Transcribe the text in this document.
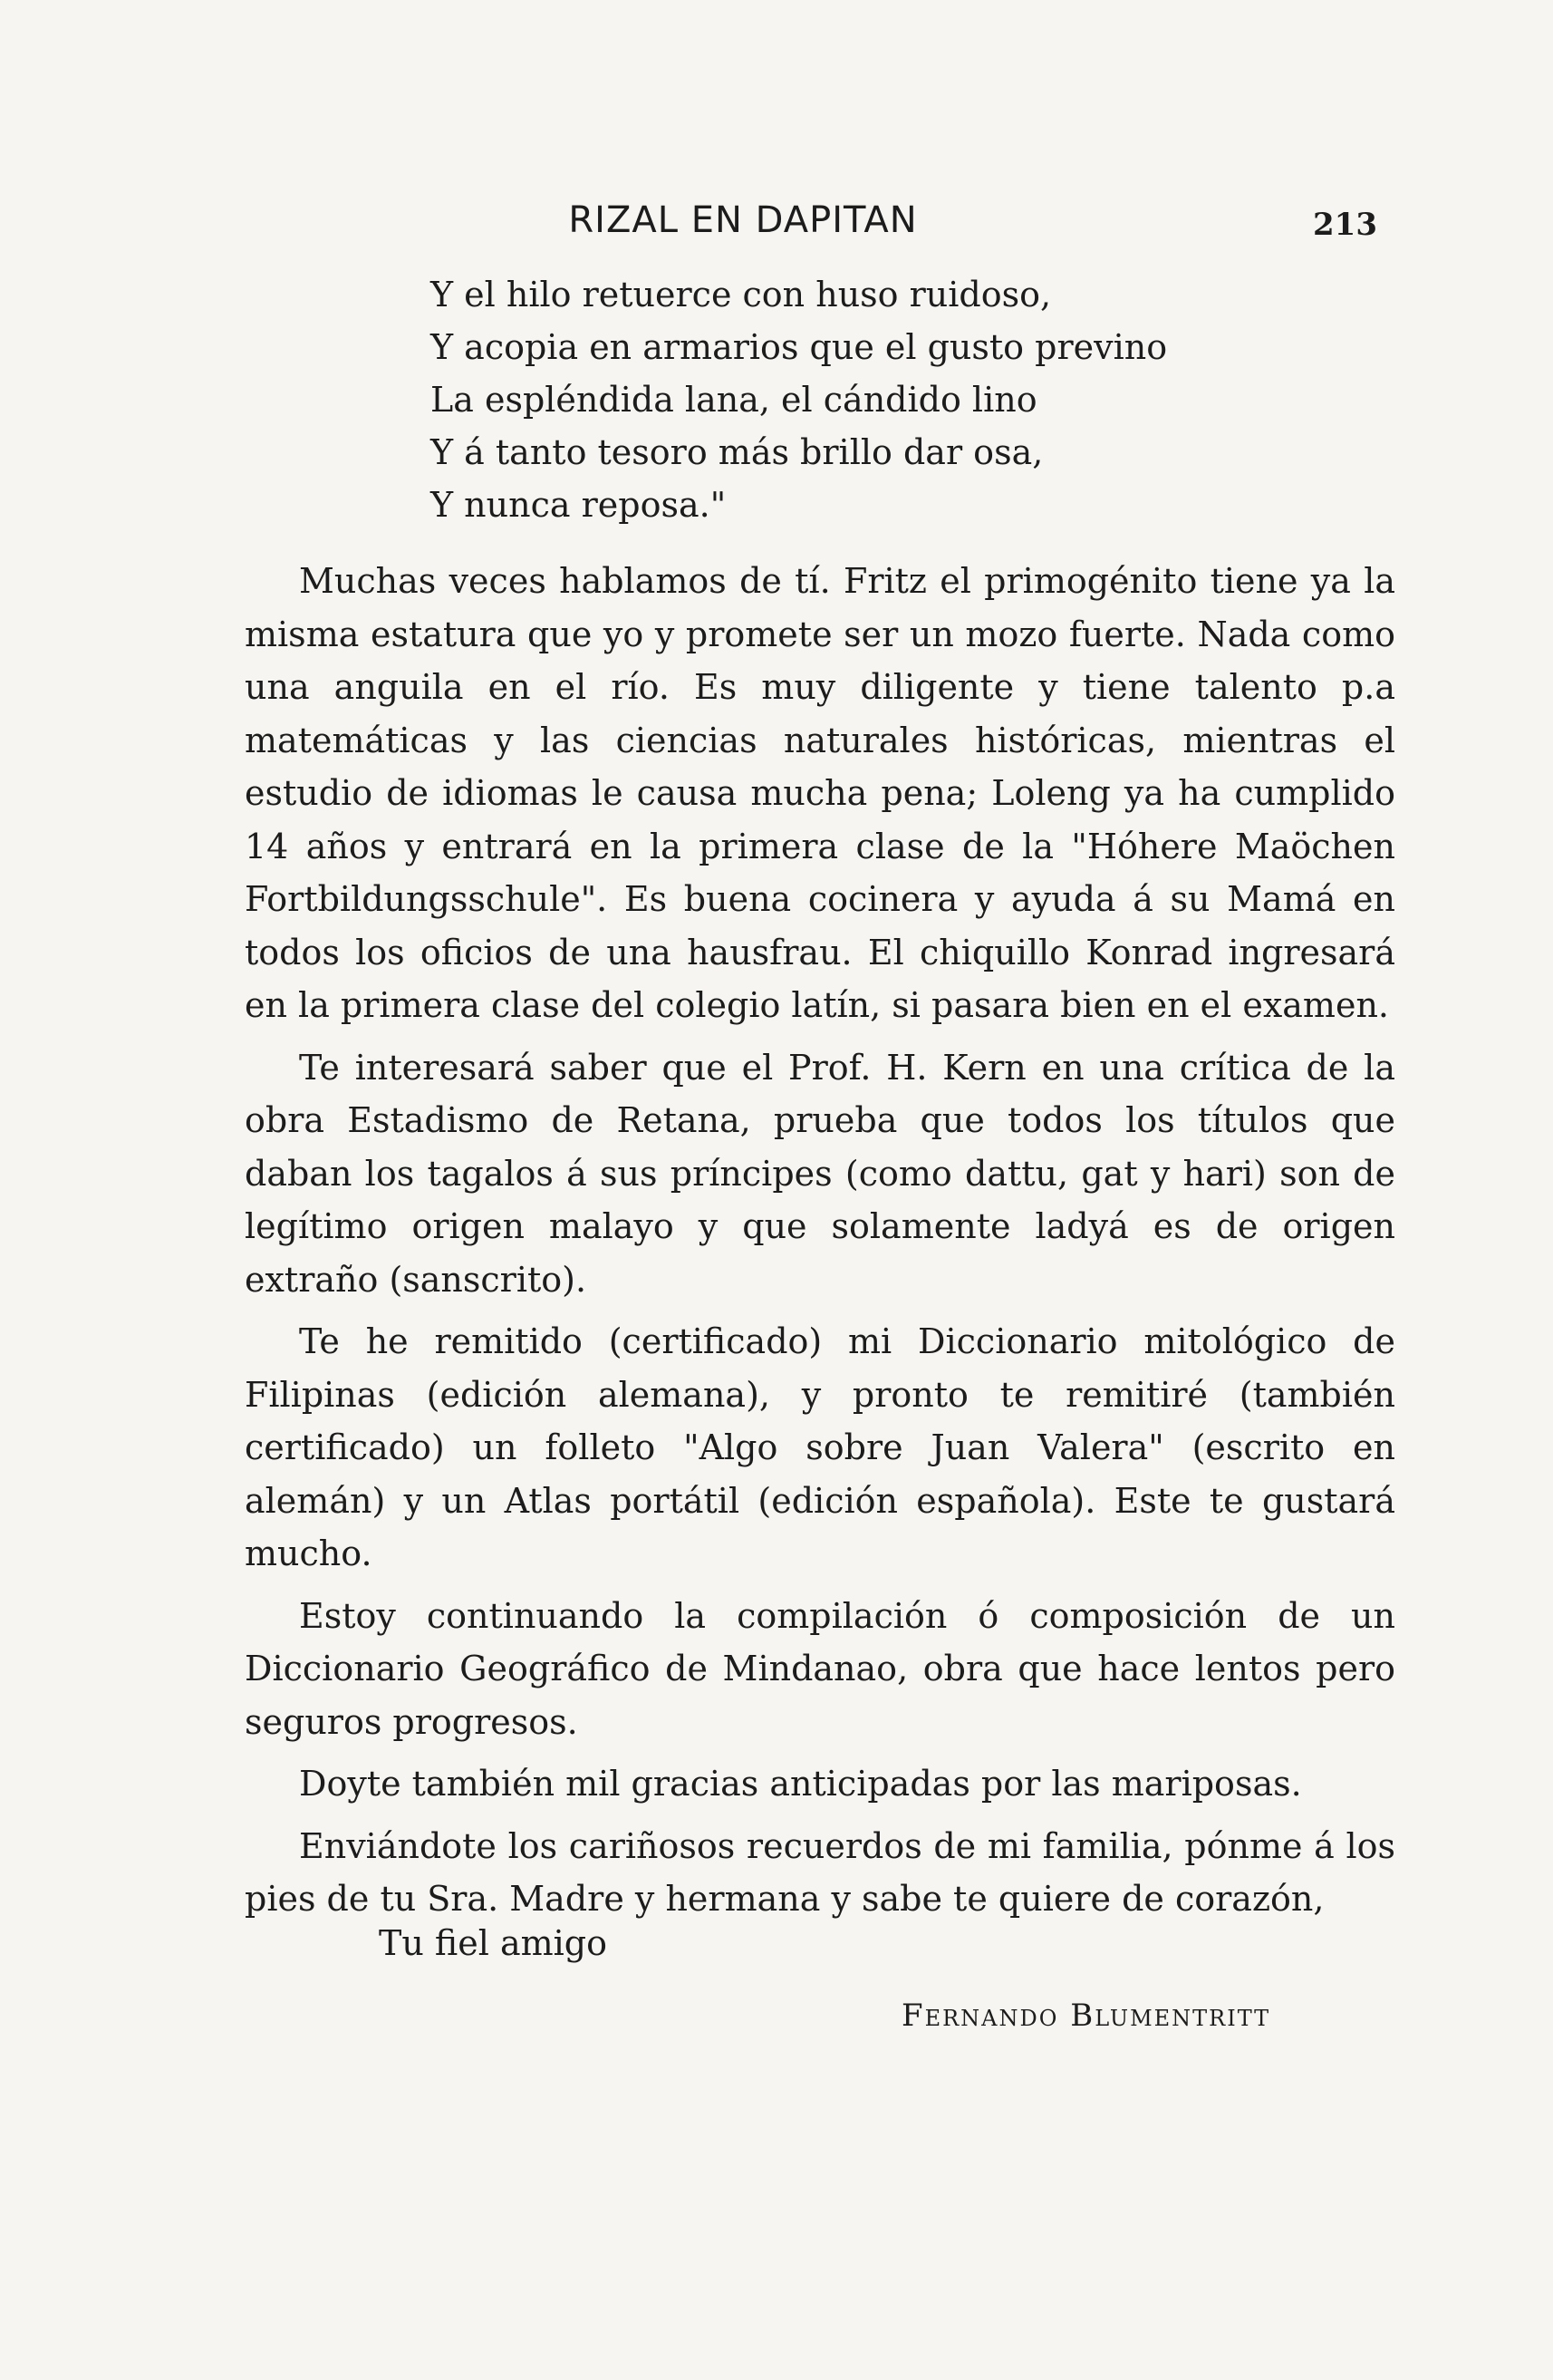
RIZAL EN DAPITAN	213
Y el hilo retuerce con huso ruidoso,
Y acopia en armarios que el gusto previno
La espléndida lana, el cándido lino
Y á tanto tesoro más brillo dar osa,
Y nunca reposa."

Muchas veces hablamos de tí. Fritz el primogénito tiene ya la misma estatura que yo y promete ser un mozo fuerte. Nada como una anguila en el río. Es muy diligente y tiene talento p.a matemáticas y las ciencias naturales históricas, mientras el estudio de idiomas le causa mucha pena; Loleng ya ha cumplido 14 años y entrará en la primera clase de la "Hóhere Maöchen Fortbildungsschule". Es buena cocinera y ayuda á su Mamá en todos los oficios de una hausfrau. El chiquillo Konrad ingresará en la primera clase del colegio latín, si pasara bien en el examen.

Te interesará saber que el Prof. H. Kern en una crítica de la obra Estadismo de Retana, prueba que todos los títulos que daban los tagalos á sus príncipes (como dattu, gat y hari) son de legítimo origen malayo y que solamente ladyá es de origen extraño (sanscrito).

Te he remitido (certificado) mi Diccionario mitológico de Filipinas (edición alemana), y pronto te remitiré (también certificado) un folleto "Algo sobre Juan Valera" (escrito en alemán) y un Atlas portátil (edición española). Este te gustará mucho.

Estoy continuando la compilación ó composición de un Diccionario Geográfico de Mindanao, obra que hace lentos pero seguros progresos.

Doyte también mil gracias anticipadas por las mariposas.

Enviándote los cariñosos recuerdos de mi familia, pónme á los pies de tu Sra. Madre y hermana y sabe te quiere de corazón,

Tu fiel amigo
Fernando Blumentritt
